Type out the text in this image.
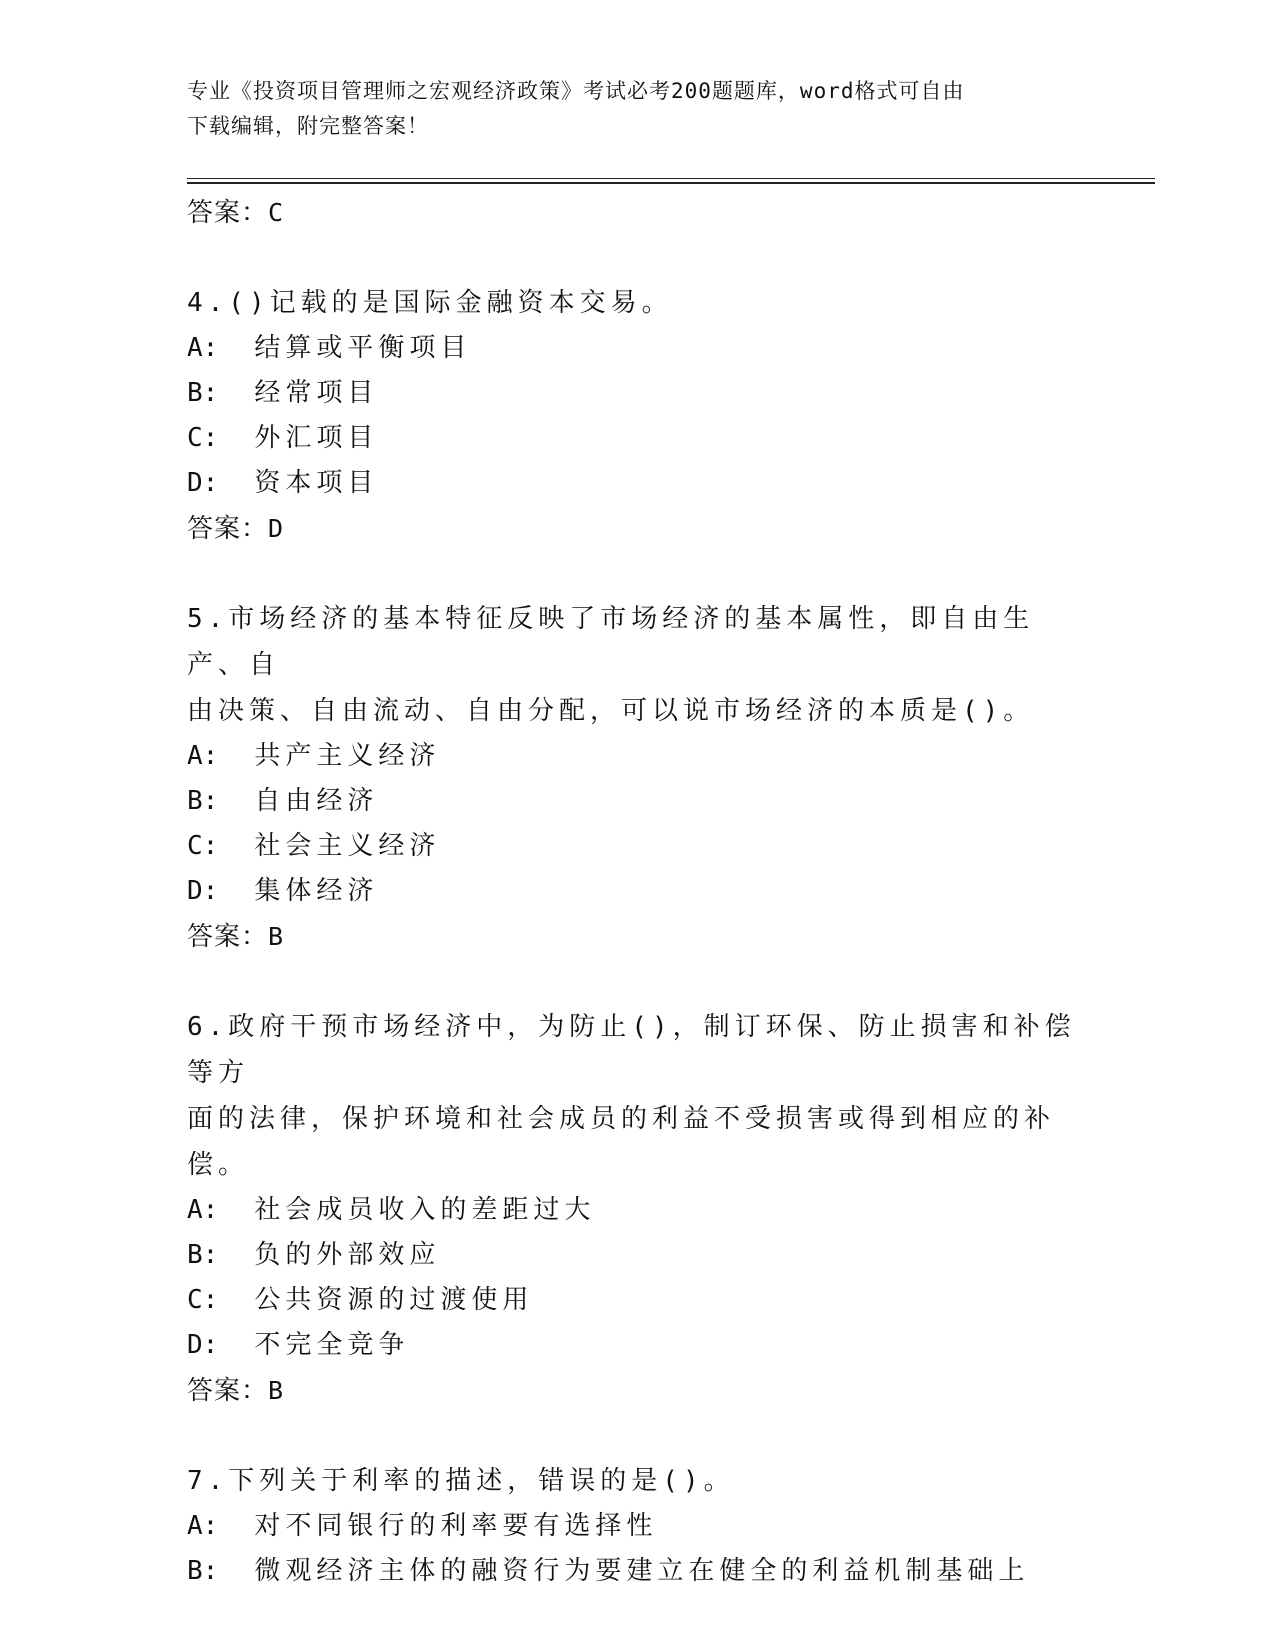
专业《投资项目管理师之宏观经济政策》考试必考200题题库，word格式可自由
下载编辑，附完整答案！
答案：C
4.()记载的是国际金融资本交易。
A: 结算或平衡项目
B: 经常项目
C: 外汇项目
D: 资本项目
答案：D
5.市场经济的基本特征反映了市场经济的基本属性，即自由生产、自
由决策、自由流动、自由分配，可以说市场经济的本质是()。
A: 共产主义经济
B: 自由经济
C: 社会主义经济
D: 集体经济
答案：B
6.政府干预市场经济中，为防止()，制订环保、防止损害和补偿等方
面的法律，保护环境和社会成员的利益不受损害或得到相应的补偿。
A: 社会成员收入的差距过大
B: 负的外部效应
C: 公共资源的过渡使用
D: 不完全竞争
答案：B
7.下列关于利率的描述，错误的是()。
A: 对不同银行的利率要有选择性
B: 微观经济主体的融资行为要建立在健全的利益机制基础上
